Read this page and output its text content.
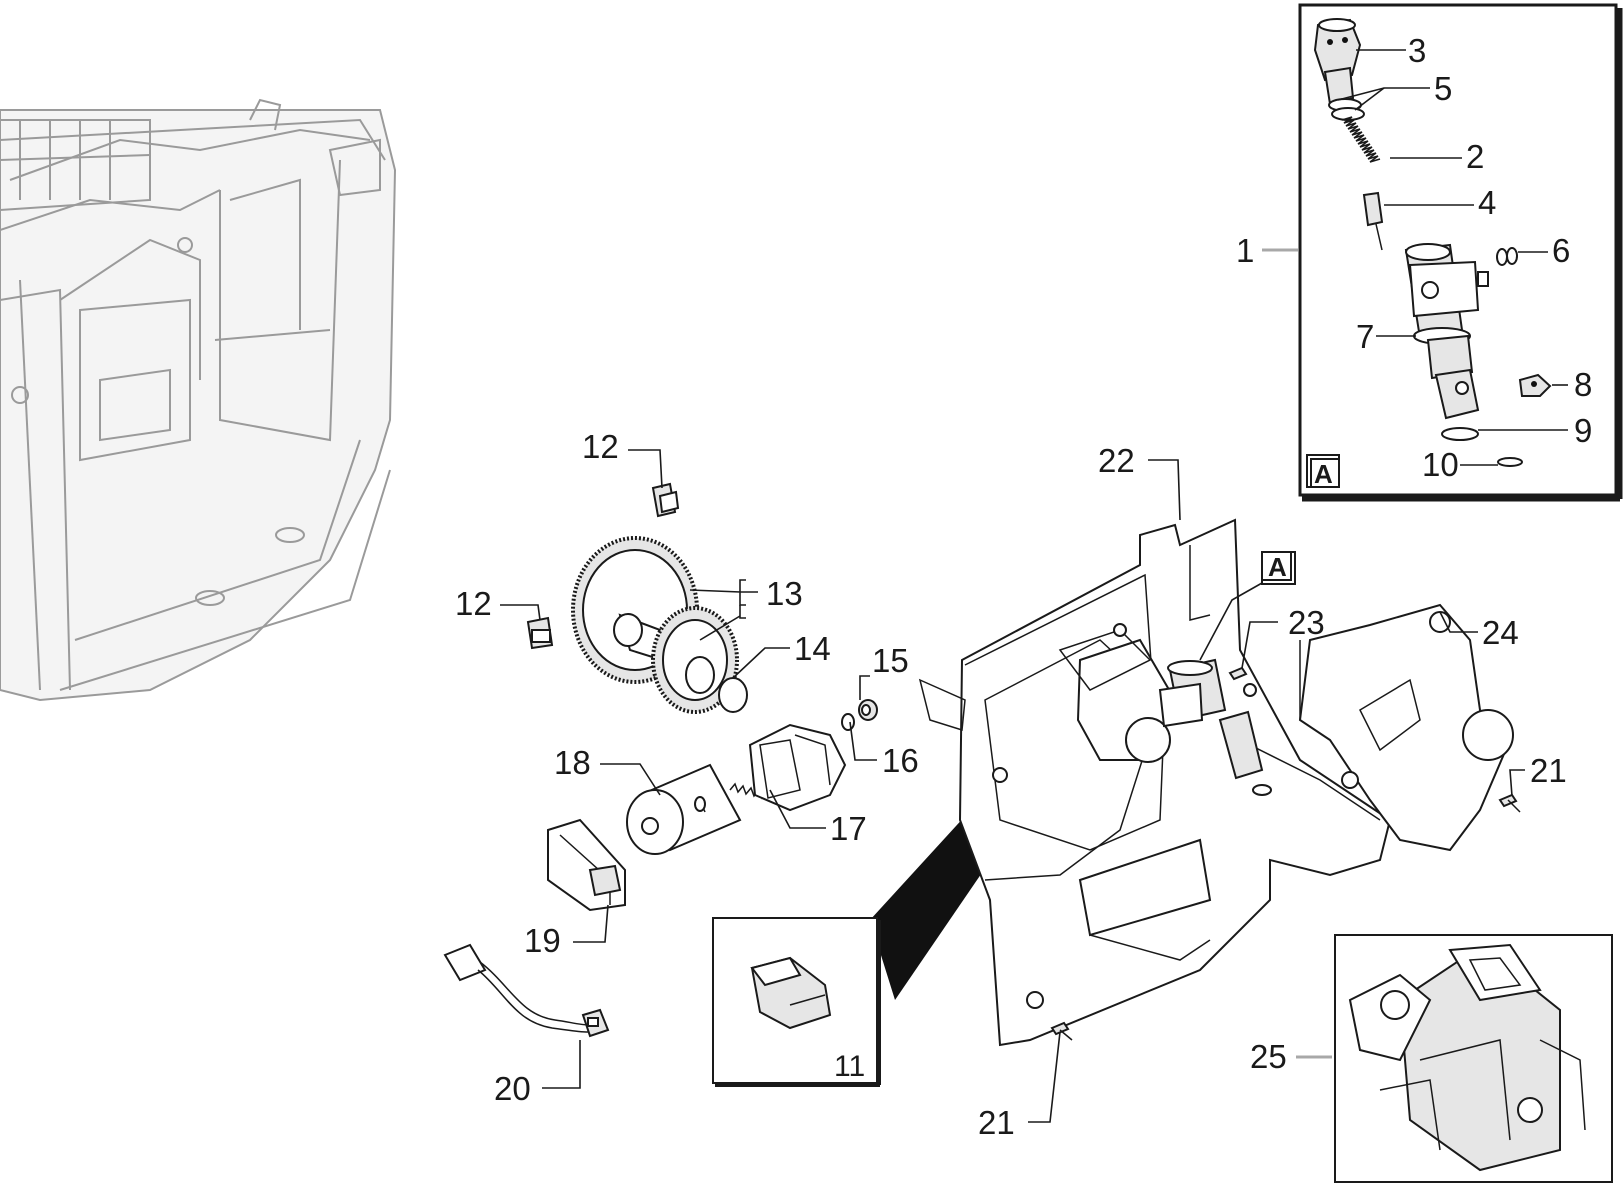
A
A
3
5
2
4
1	6
7
8
9
10
22
12
12	13
14 15
16
18
17
19
20
11
23	24
21
21
25
